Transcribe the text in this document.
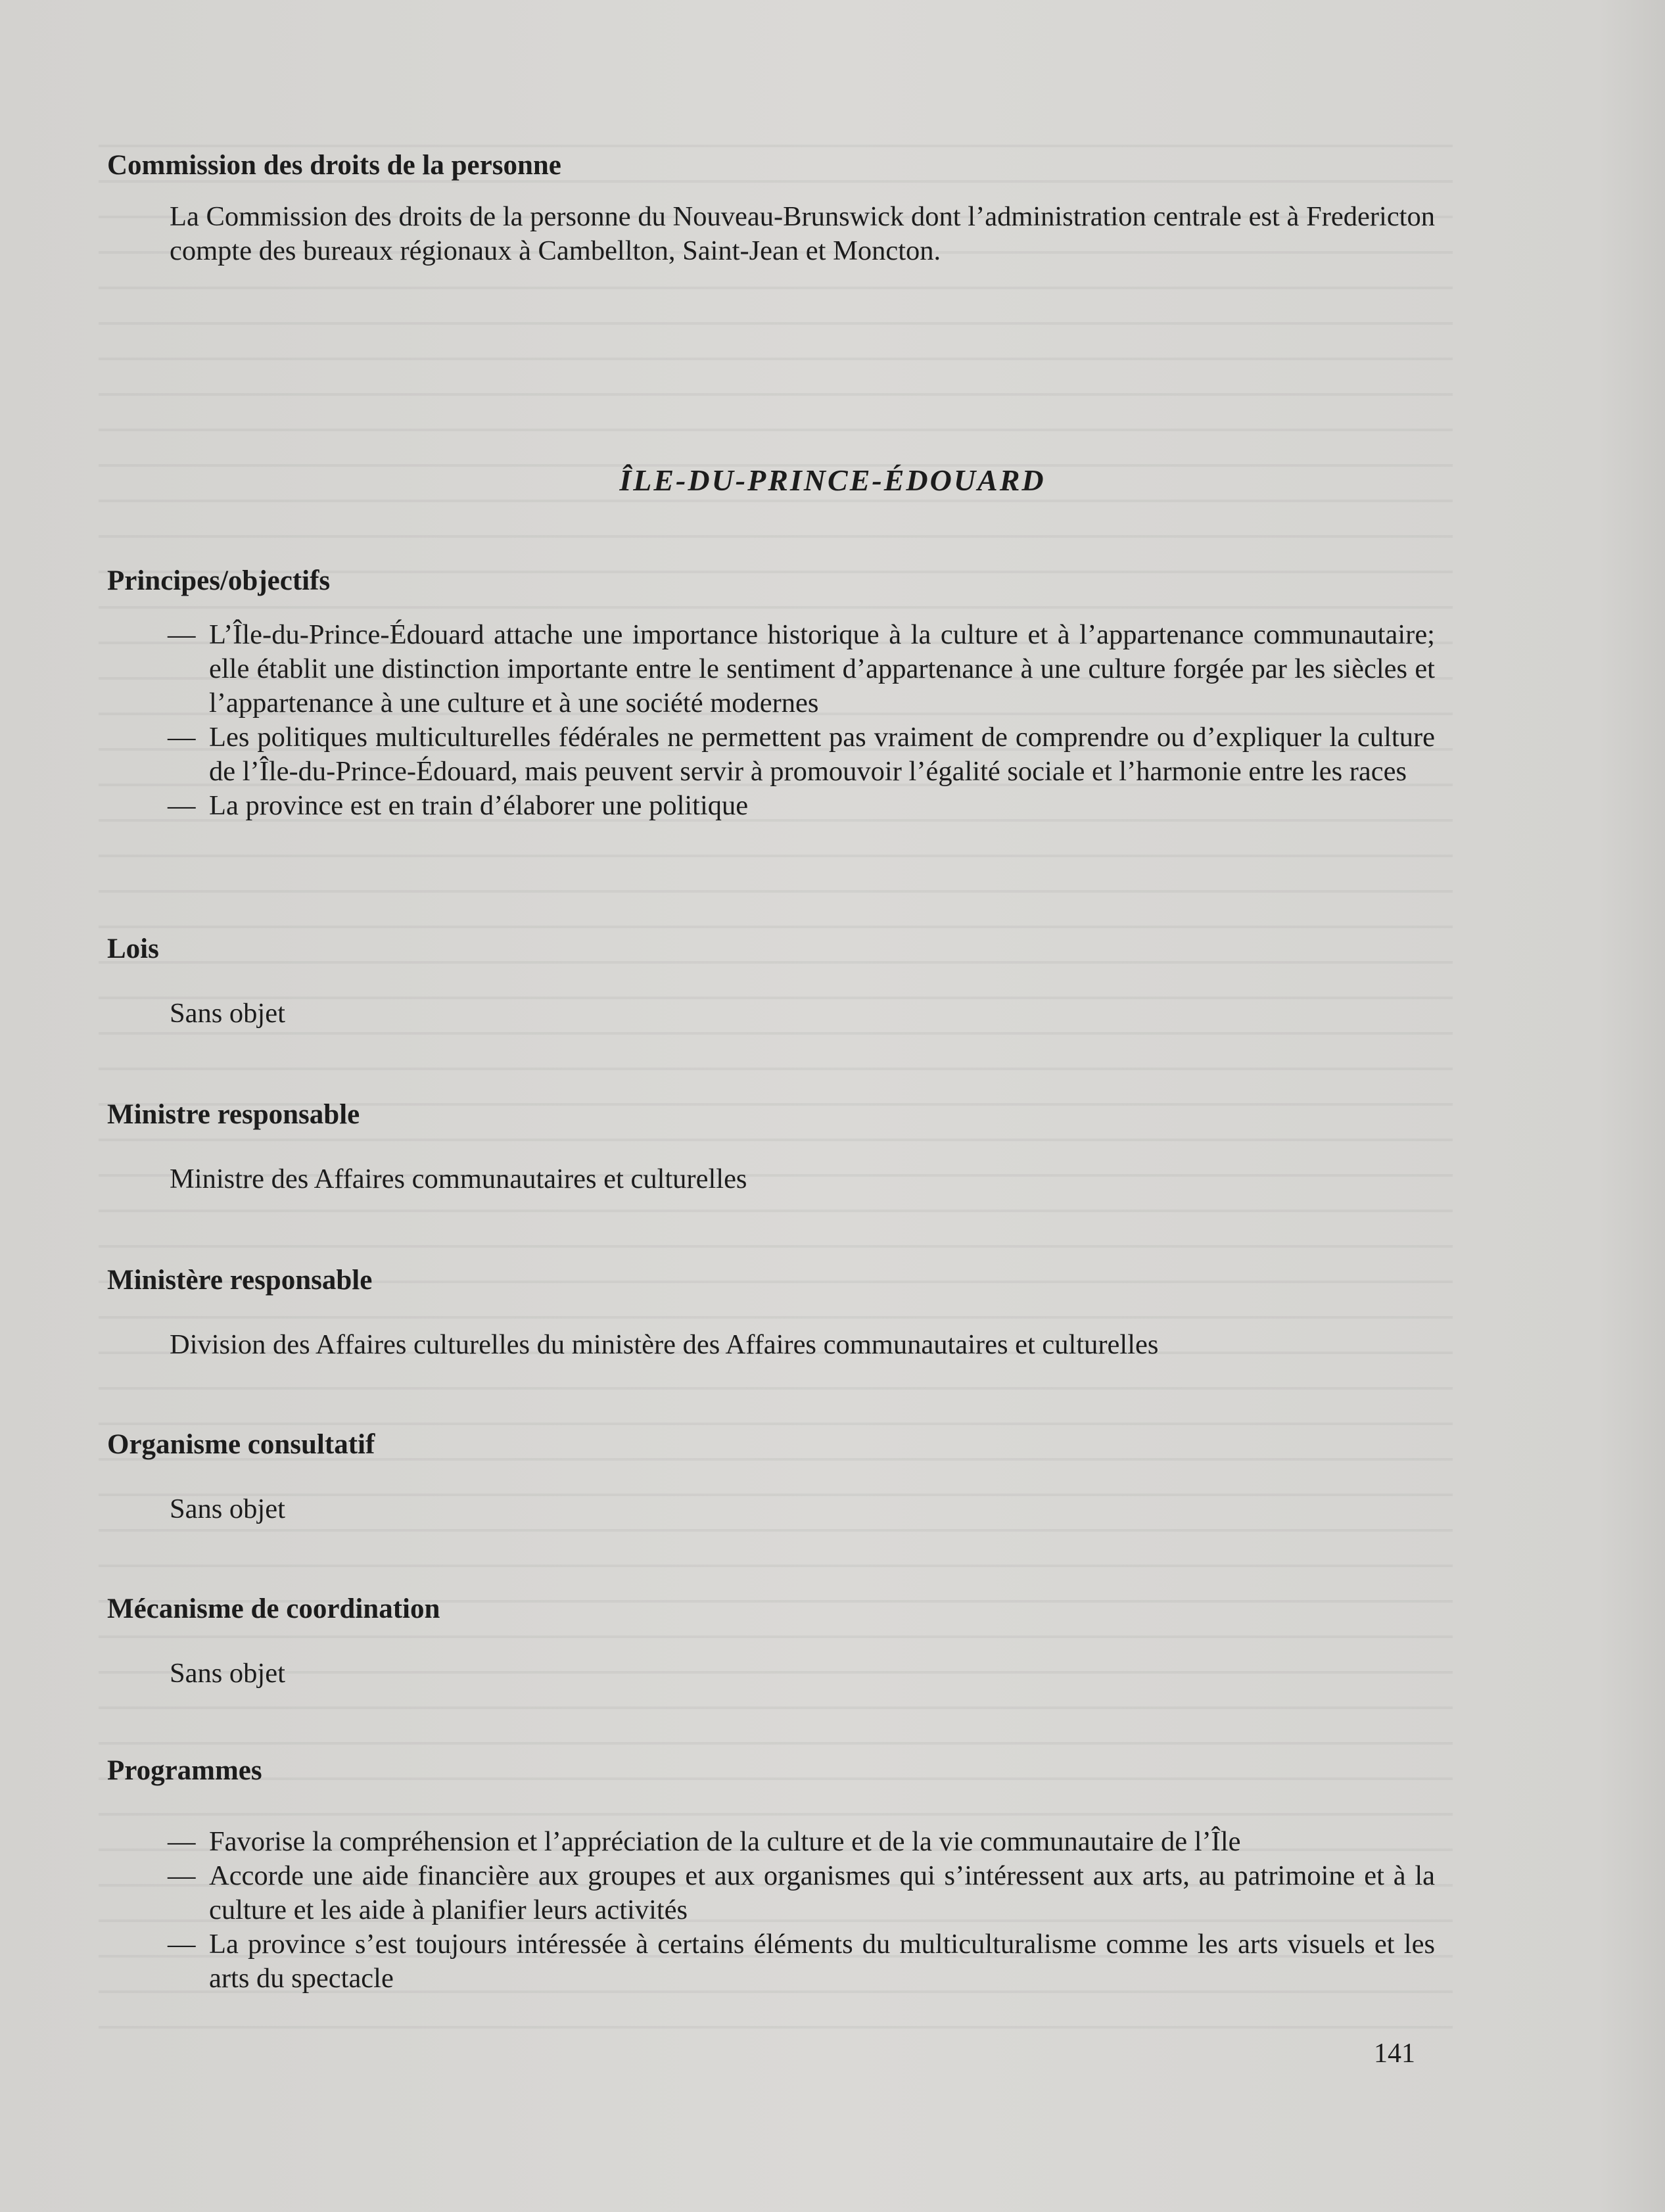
Commission des droits de la personne

La Commission des droits de la personne du Nouveau-Brunswick dont l’administration centrale est à Fredericton compte des bureaux régionaux à Cambellton, Saint-Jean et Moncton.

ÎLE-DU-PRINCE-ÉDOUARD
Principes/objectifs
— L’Île-du-Prince-Édouard attache une importance historique à la culture et à l’appartenance communautaire; elle établit une distinction importante entre le sentiment d’appartenance à une culture forgée par les siècles et l’appartenance à une culture et à une société modernes
— Les politiques multiculturelles fédérales ne permettent pas vraiment de comprendre ou d’expliquer la culture de l’Île-du-Prince-Édouard, mais peuvent servir à promouvoir l’égalité sociale et l’harmonie entre les races
— La province est en train d’élaborer une politique
Lois

Sans objet

Ministre responsable

Ministre des Affaires communautaires et culturelles

Ministère responsable

Division des Affaires culturelles du ministère des Affaires communautaires et culturelles

Organisme consultatif

Sans objet

Mécanisme de coordination

Sans objet

Programmes
— Favorise la compréhension et l’appréciation de la culture et de la vie communautaire de l’Île
— Accorde une aide financière aux groupes et aux organismes qui s’intéressent aux arts, au patrimoine et à la culture et les aide à planifier leurs activités
— La province s’est toujours intéressée à certains éléments du multiculturalisme comme les arts visuels et les arts du spectacle

141
